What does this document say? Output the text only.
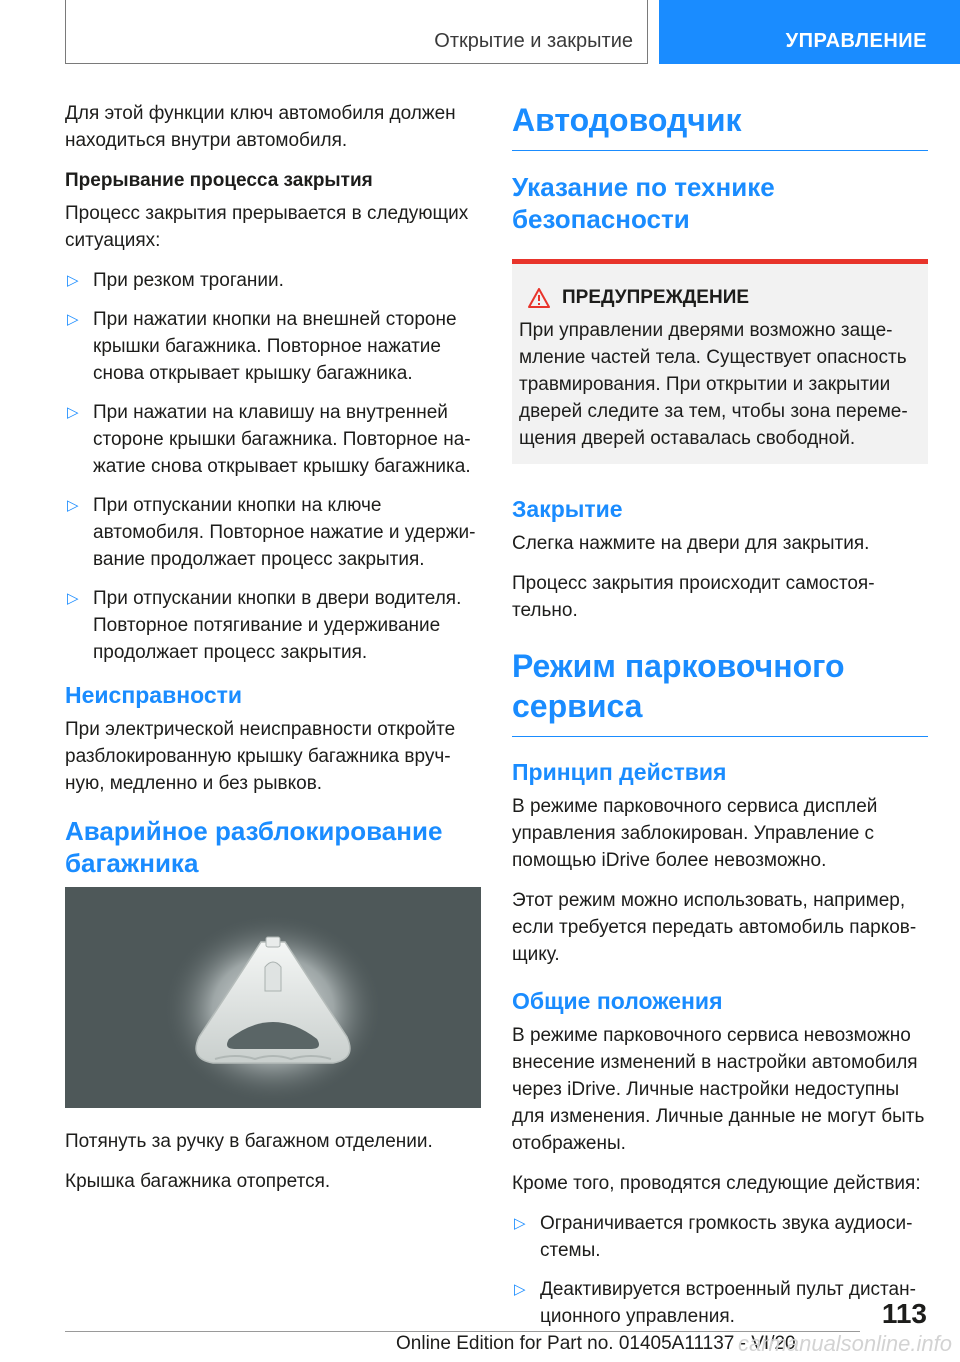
Открытие и закрытие	УПРАВЛЕНИЕ

Для этой функции ключ автомобиля должен находиться внутри автомобиля.

Прерывание процесса закрытия

Процесс закрытия прерывается в следующих ситуациях:

▷ При резком трогании.
▷ При нажатии кнопки на внешней стороне крышки багажника. Повторное нажатие снова открывает крышку багажника.
▷ При нажатии на клавишу на внутренней стороне крышки багажника. Повторное на-жатие снова открывает крышку багажника.
▷ При отпускании кнопки на ключе автомобиля. Повторное нажатие и удержи-вание продолжает процесс закрытия.
▷ При отпускании кнопки в двери водителя. Повторное потягивание и удерживание продолжает процесс закрытия.
Неисправности

При электрической неисправности откройте разблокированную крышку багажника вруч-ную, медленно и без рывков.

Аварийное разблокирование багажника

Потянуть за ручку в багажном отделении.

Крышка багажника отопрется.

Автодоводчик
Указание по технике безопасности
ПРЕДУПРЕЖДЕНИЕ

При управлении дверями возможно заще-мление частей тела. Существует опасность травмирования. При открытии и закрытии дверей следите за тем, чтобы зона переме-щения дверей оставалась свободной.

Закрытие

Слегка нажмите на двери для закрытия.

Процесс закрытия происходит самостоя-тельно.

Режим парковочного сервиса
Принцип действия

В режиме парковочного сервиса дисплей управления заблокирован. Управление с помощью iDrive более невозможно.

Этот режим можно использовать, например, если требуется передать автомобиль парков-щику.

Общие положения

В режиме парковочного сервиса невозможно внесение изменений в настройки автомобиля через iDrive. Личные настройки недоступны для изменения. Личные данные не могут быть отображены.

Кроме того, проводятся следующие действия:

▷ Ограничивается громкость звука аудиоси-стемы.
▷ Деактивируется встроенный пульт дистан-ционного управления.	113
Online Edition for Part no. 01405A11137 - VI/20
carmanualsonline.info
